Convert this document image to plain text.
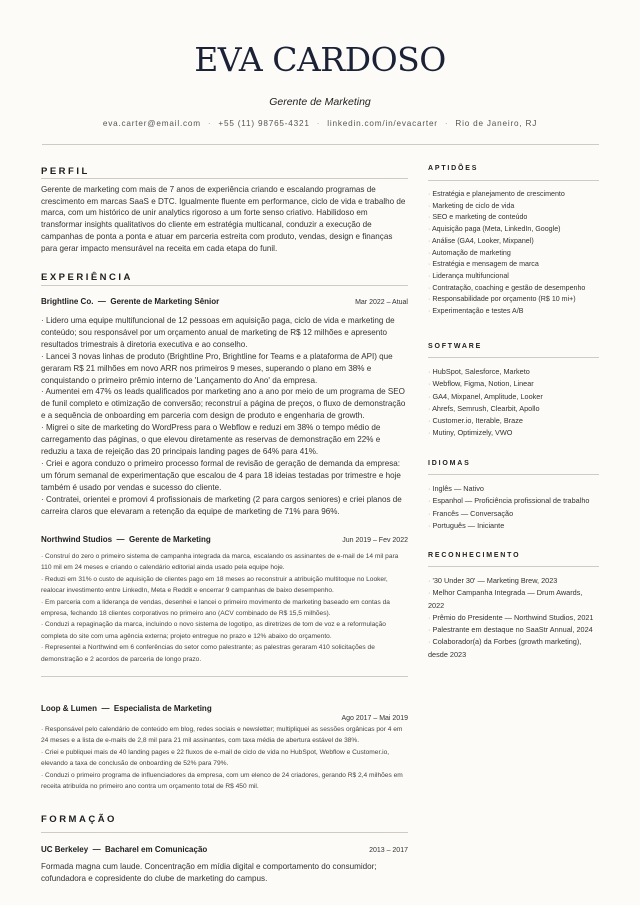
EVA CARDOSO
Gerente de Marketing
eva.carter@email.com · +55 (11) 98765-4321 · linkedin.com/in/evacarter · Rio de Janeiro, RJ
PERFIL
Gerente de marketing com mais de 7 anos de experiência criando e escalando programas de crescimento em marcas SaaS e DTC. Igualmente fluente em performance, ciclo de vida e trabalho de marca, com um histórico de unir analytics rigoroso a um forte senso criativo. Habilidoso em transformar insights qualitativos do cliente em estratégia multicanal, conduzir a execução de campanhas de ponta a ponta e atuar em parceria estreita com produto, vendas, design e finanças para gerar impacto mensurável na receita em cada etapa do funil.
EXPERIÊNCIA
Brightline Co.  —  Gerente de Marketing Sênior	Mar 2022 – Atual
· Lidero uma equipe multifuncional de 12 pessoas em aquisição paga, ciclo de vida e marketing de conteúdo; sou responsável por um orçamento anual de marketing de R$ 12 milhões e apresento resultados trimestrais à diretoria executiva e ao conselho.
· Lancei 3 novas linhas de produto (Brightline Pro, Brightline for Teams e a plataforma de API) que geraram R$ 21 milhões em novo ARR nos primeiros 9 meses, superando o plano em 38% e conquistando o primeiro prêmio interno de 'Lançamento do Ano' da empresa.
· Aumentei em 47% os leads qualificados por marketing ano a ano por meio de um programa de SEO de funil completo e otimização de conversão; reconstruí a página de preços, o fluxo de demonstração e a sequência de onboarding em parceria com design de produto e engenharia de growth.
· Migrei o site de marketing do WordPress para o Webflow e reduzi em 38% o tempo médio de carregamento das páginas, o que elevou diretamente as reservas de demonstração em 22% e reduziu a taxa de rejeição das 20 principais landing pages de 64% para 41%.
· Criei e agora conduzo o primeiro processo formal de revisão de geração de demanda da empresa: um fórum semanal de experimentação que escalou de 4 para 18 ideias testadas por trimestre e hoje também é usado por vendas e sucesso do cliente.
· Contratei, orientei e promovi 4 profissionais de marketing (2 para cargos seniores) e criei planos de carreira claros que elevaram a retenção da equipe de marketing de 71% para 96%.
Northwind Studios  —  Gerente de Marketing	Jun 2019 – Fev 2022
· Construí do zero o primeiro sistema de campanha integrada da marca, escalando os assinantes de e-mail de 14 mil para 110 mil em 24 meses e criando o calendário editorial ainda usado pela equipe hoje.
· Reduzi em 31% o custo de aquisição de clientes pago em 18 meses ao reconstruir a atribuição multitoque no Looker, realocar investimento entre LinkedIn, Meta e Reddit e encerrar 9 campanhas de baixo desempenho.
· Em parceria com a liderança de vendas, desenhei e lancei o primeiro movimento de marketing baseado em contas da empresa, fechando 18 clientes corporativos no primeiro ano (ACV combinado de R$ 15,5 milhões).
· Conduzi a repaginação da marca, incluindo o novo sistema de logotipo, as diretrizes de tom de voz e a reformulação completa do site com uma agência externa; projeto entregue no prazo e 12% abaixo do orçamento.
· Representei a Northwind em 6 conferências do setor como palestrante; as palestras geraram 410 solicitações de demonstração e 2 acordos de parceria de longo prazo.
Loop & Lumen  —  Especialista de Marketing
Ago 2017 – Mai 2019
· Responsável pelo calendário de conteúdo em blog, redes sociais e newsletter; multipliquei as sessões orgânicas por 4 em 24 meses e a lista de e-mails de 2,8 mil para 21 mil assinantes, com taxa média de abertura estável de 38%.
· Criei e publiquei mais de 40 landing pages e 22 fluxos de e-mail de ciclo de vida no HubSpot, Webflow e Customer.io, elevando a taxa de conclusão de onboarding de 52% para 79%.
· Conduzi o primeiro programa de influenciadores da empresa, com um elenco de 24 criadores, gerando R$ 2,4 milhões em receita atribuída no primeiro ano contra um orçamento total de R$ 450 mil.
FORMAÇÃO
UC Berkeley  —  Bacharel em Comunicação	2013 – 2017
Formada magna cum laude. Concentração em mídia digital e comportamento do consumidor; cofundadora e copresidente do clube de marketing do campus.
APTIDÕES
· Estratégia e planejamento de crescimento
· Marketing de ciclo de vida
· SEO e marketing de conteúdo
· Aquisição paga (Meta, LinkedIn, Google)
· Análise (GA4, Looker, Mixpanel)
· Automação de marketing
· Estratégia e mensagem de marca
· Liderança multifuncional
· Contratação, coaching e gestão de desempenho
· Responsabilidade por orçamento (R$ 10 mi+)
· Experimentação e testes A/B
SOFTWARE
· HubSpot, Salesforce, Marketo
· Webflow, Figma, Notion, Linear
· GA4, Mixpanel, Amplitude, Looker
· Ahrefs, Semrush, Clearbit, Apollo
· Customer.io, Iterable, Braze
· Mutiny, Optimizely, VWO
IDIOMAS
· Inglês — Nativo
· Espanhol — Proficiência profissional de trabalho
· Francês — Conversação
· Português — Iniciante
RECONHECIMENTO
· '30 Under 30' — Marketing Brew, 2023
· Melhor Campanha Integrada — Drum Awards, 2022
· Prêmio do Presidente — Northwind Studios, 2021
· Palestrante em destaque no SaaStr Annual, 2024
· Colaborador(a) da Forbes (growth marketing), desde 2023
